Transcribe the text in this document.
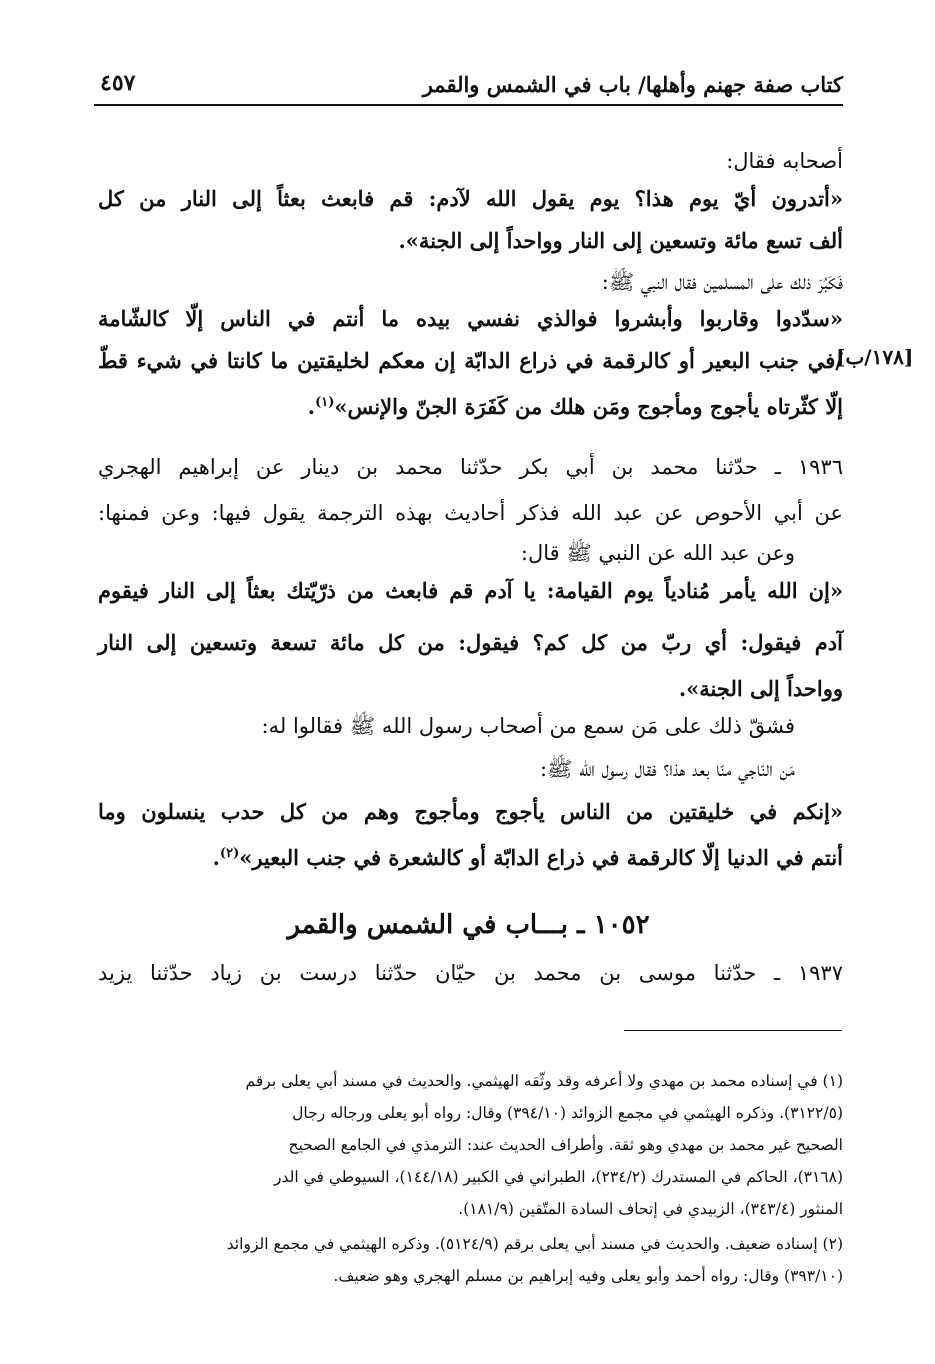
كتاب صفة جهنم وأهلها/ باب في الشمس والقمر
٤٥٧
أصحابه فقال:
«أتدرون أيّ يوم هذا؟ يوم يقول الله لآدم: قم فابعث بعثاً إلى النار من كل
ألف تسع مائة وتسعين إلى النار وواحداً إلى الجنة».
فَكَبُرَ ذلك على المسلمين فقال النبي ﷺ:
«سدّدوا وقاربوا وأبشروا فوالذي نفسي بيده ما أنتم في الناس إلّا كالشّامة
/في جنب البعير أو كالرقمة في ذراع الدابّة إن معكم لخليقتين ما كانتا في شيء قطّ
إلّا كثّرتاه يأجوج ومأجوج ومَن هلك من كَفَرَة الجنّ والإنس»$^{(١)}$.
[١٧٨/ب]
١٩٣٦ ـ حدّثنا محمد بن أبي بكر حدّثنا محمد بن دينار عن إبراهيم الهجري
عن أبي الأحوص عن عبد الله فذكر أحاديث بهذه الترجمة يقول فيها: وعن فمنها:
وعن عبد الله عن النبي ﷺ قال:
«إن الله يأمر مُنادياً يوم القيامة: يا آدم قم فابعث من ذرّيّتك بعثاً إلى النار فيقوم
آدم فيقول: أي ربّ من كل كم؟ فيقول: من كل مائة تسعة وتسعين إلى النار
وواحداً إلى الجنة».
فشقّ ذلك على مَن سمع من أصحاب رسول الله ﷺ فقالوا له:
مَن النّاجي منّا بعد هذا؟ فقال رسول الله ﷺ:
«إنكم في خليقتين من الناس يأجوج ومأجوج وهم من كل حدب ينسلون وما
أنتم في الدنيا إلّا كالرقمة في ذراع الدابّة أو كالشعرة في جنب البعير»$^{(٢)}$.
١٠٥٢ ـ بـــاب في الشمس والقمر
١٩٣٧ ـ حدّثنا موسى بن محمد بن حيّان حدّثنا درست بن زياد حدّثنا يزيد
(١) في إسناده محمد بن مهدي ولا أعرفه وقد وثّقه الهيثمي. والحديث في مسند أبي يعلى برقم
(٣١٢٢/٥). وذكره الهيثمي في مجمع الزوائد (٣٩٤/١٠) وقال: رواه أبو يعلى ورجاله رجال
الصحيح غير محمد بن مهدي وهو ثقة. وأطراف الحديث عند: الترمذي في الجامع الصحيح
(٣١٦٨)، الحاكم في المستدرك (٢٣٤/٢)، الطبراني في الكبير (١٤٤/١٨)، السيوطي في الدر
المنثور (٣٤٣/٤)، الزبيدي في إتحاف السادة المتّقين (١٨١/٩).
(٢) إسناده ضعيف. والحديث في مسند أبي يعلى برقم (٥١٢٤/٩). وذكره الهيثمي في مجمع الزوائد
(٣٩٣/١٠) وقال: رواه أحمد وأبو يعلى وفيه إبراهيم بن مسلم الهجري وهو ضعيف.
